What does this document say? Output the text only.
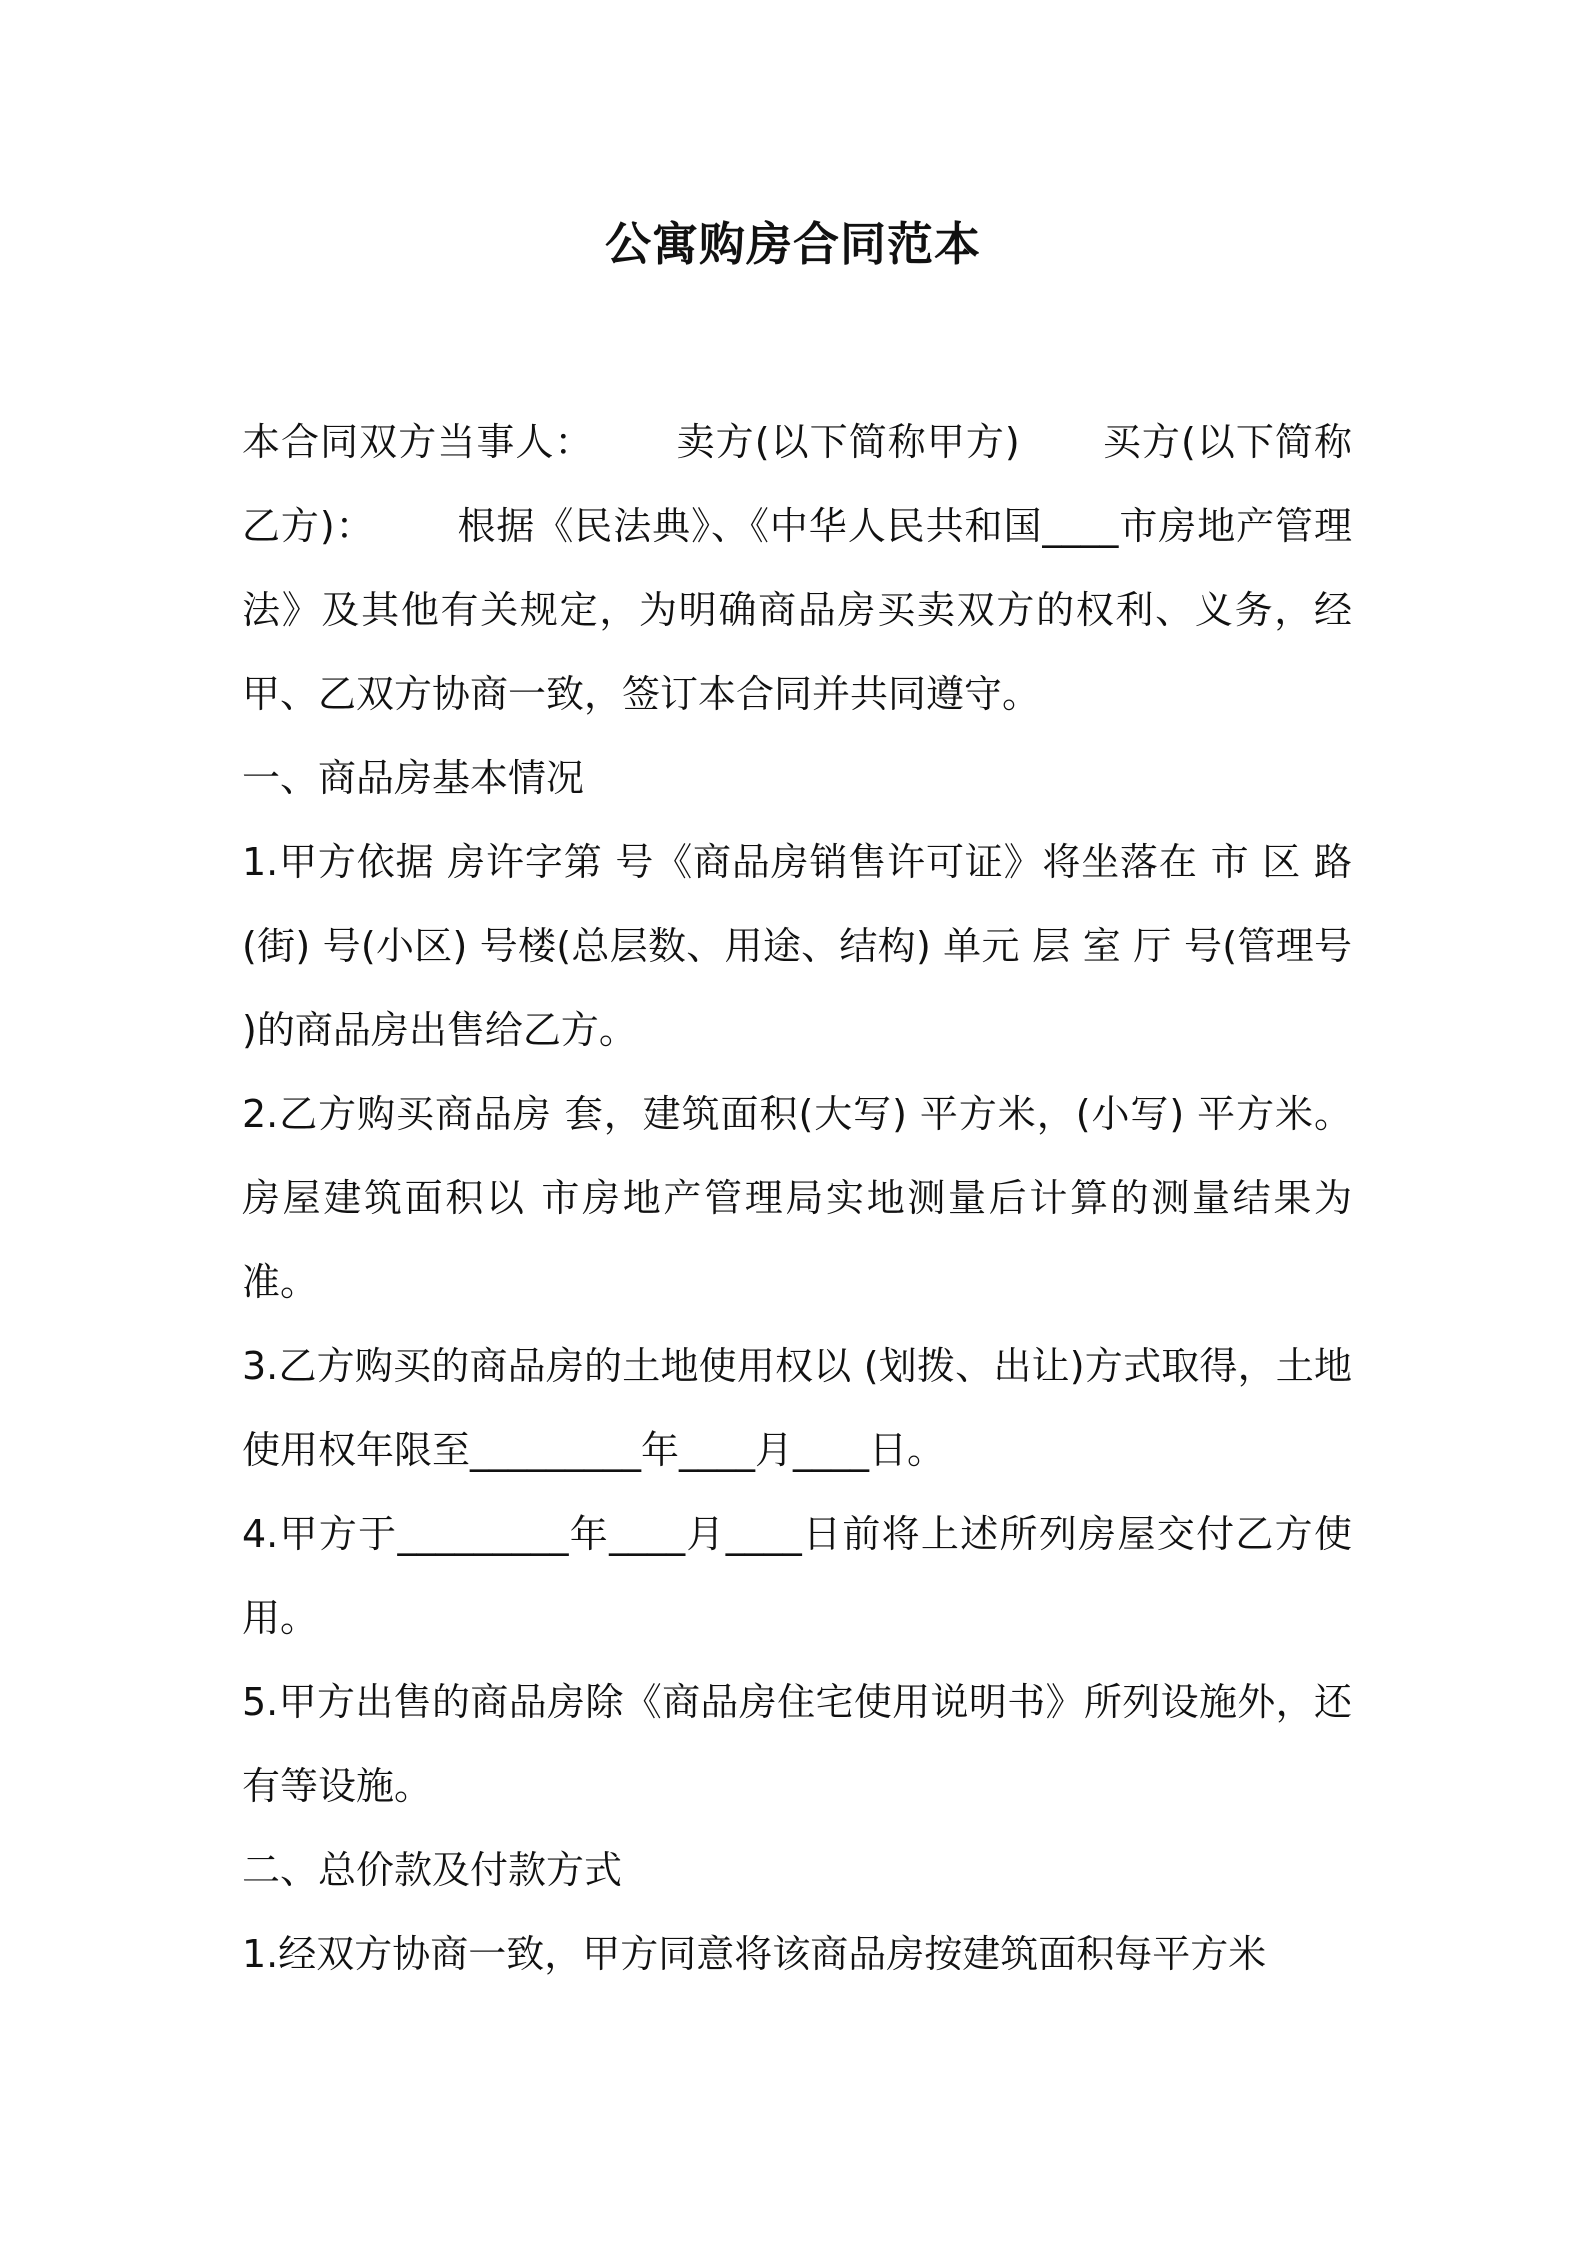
公寓购房合同范本

本合同双方当事人： 卖方(以下简称甲方) 买方(以下简称乙方)： 根据《民法典》、《中华人民共和国____市房地产管理法》及其他有关规定，为明确商品房买卖双方的权利、义务，经甲、乙双方协商一致，签订本合同并共同遵守。

一、商品房基本情况

1.甲方依据 房许字第 号《商品房销售许可证》将坐落在 市 区 路(街) 号(小区) 号楼(总层数、用途、结构) 单元 层 室 厅 号(管理号 )的商品房出售给乙方。

2.乙方购买商品房 套，建筑面积(大写) 平方米，(小写) 平方米。房屋建筑面积以 市房地产管理局实地测量后计算的测量结果为准。

3.乙方购买的商品房的土地使用权以 (划拨、出让)方式取得，土地使用权年限至_________年____月____日。

4.甲方于_________年____月____日前将上述所列房屋交付乙方使用。

5.甲方出售的商品房除《商品房住宅使用说明书》所列设施外，还有等设施。

二、总价款及付款方式

1.经双方协商一致，甲方同意将该商品房按建筑面积每平方米
